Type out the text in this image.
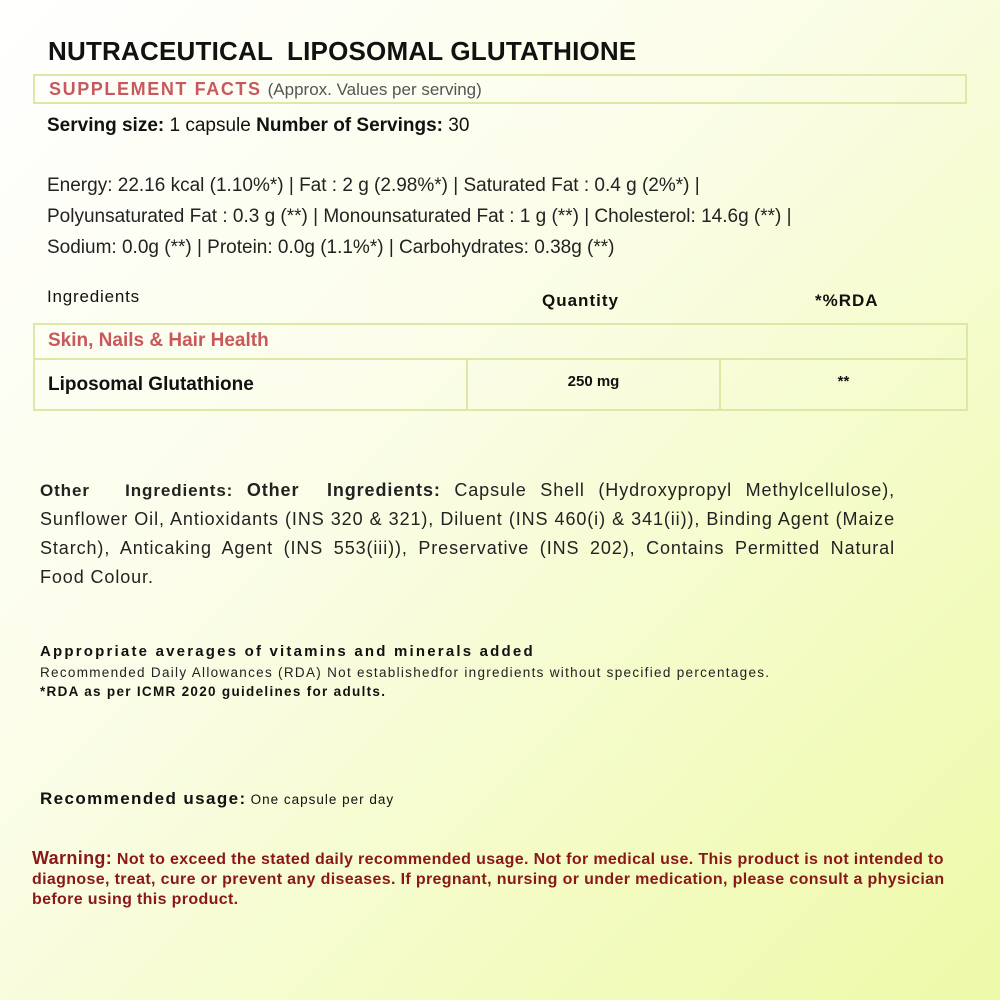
NUTRACEUTICAL LIPOSOMAL GLUTATHIONE
SUPPLEMENT FACTS (Approx. Values per serving)
Serving size: 1 capsule Number of Servings: 30
Energy: 22.16 kcal (1.10%*) | Fat : 2 g (2.98%*) | Saturated Fat : 0.4 g (2%*) |
Polyunsaturated Fat : 0.3 g (**) | Monounsaturated Fat : 1 g (**) | Cholesterol: 14.6g (**) |
Sodium: 0.0g (**) | Protein: 0.0g (1.1%*) | Carbohydrates: 0.38g (**)
Ingredients	Quantity	*%RDA
Skin, Nails & Hair Health
Liposomal Glutathione	250 mg	**
Other Ingredients: Other Ingredients: Capsule Shell (Hydroxypropyl Methylcellulose), Sunflower Oil, Antioxidants (INS 320 & 321), Diluent (INS 460(i) & 341(ii)), Binding Agent (Maize Starch), Anticaking Agent (INS 553(iii)), Preservative (INS 202), Contains Permitted Natural Food Colour.
Appropriate averages of vitamins and minerals added
Recommended Daily Allowances (RDA) Not establishedfor ingredients without specified percentages.
*RDA as per ICMR 2020 guidelines for adults.
Recommended usage: One capsule per day
Warning: Not to exceed the stated daily recommended usage. Not for medical use. This product is not intended to diagnose, treat, cure or prevent any diseases. If pregnant, nursing or under medication, please consult a physician before using this product.
